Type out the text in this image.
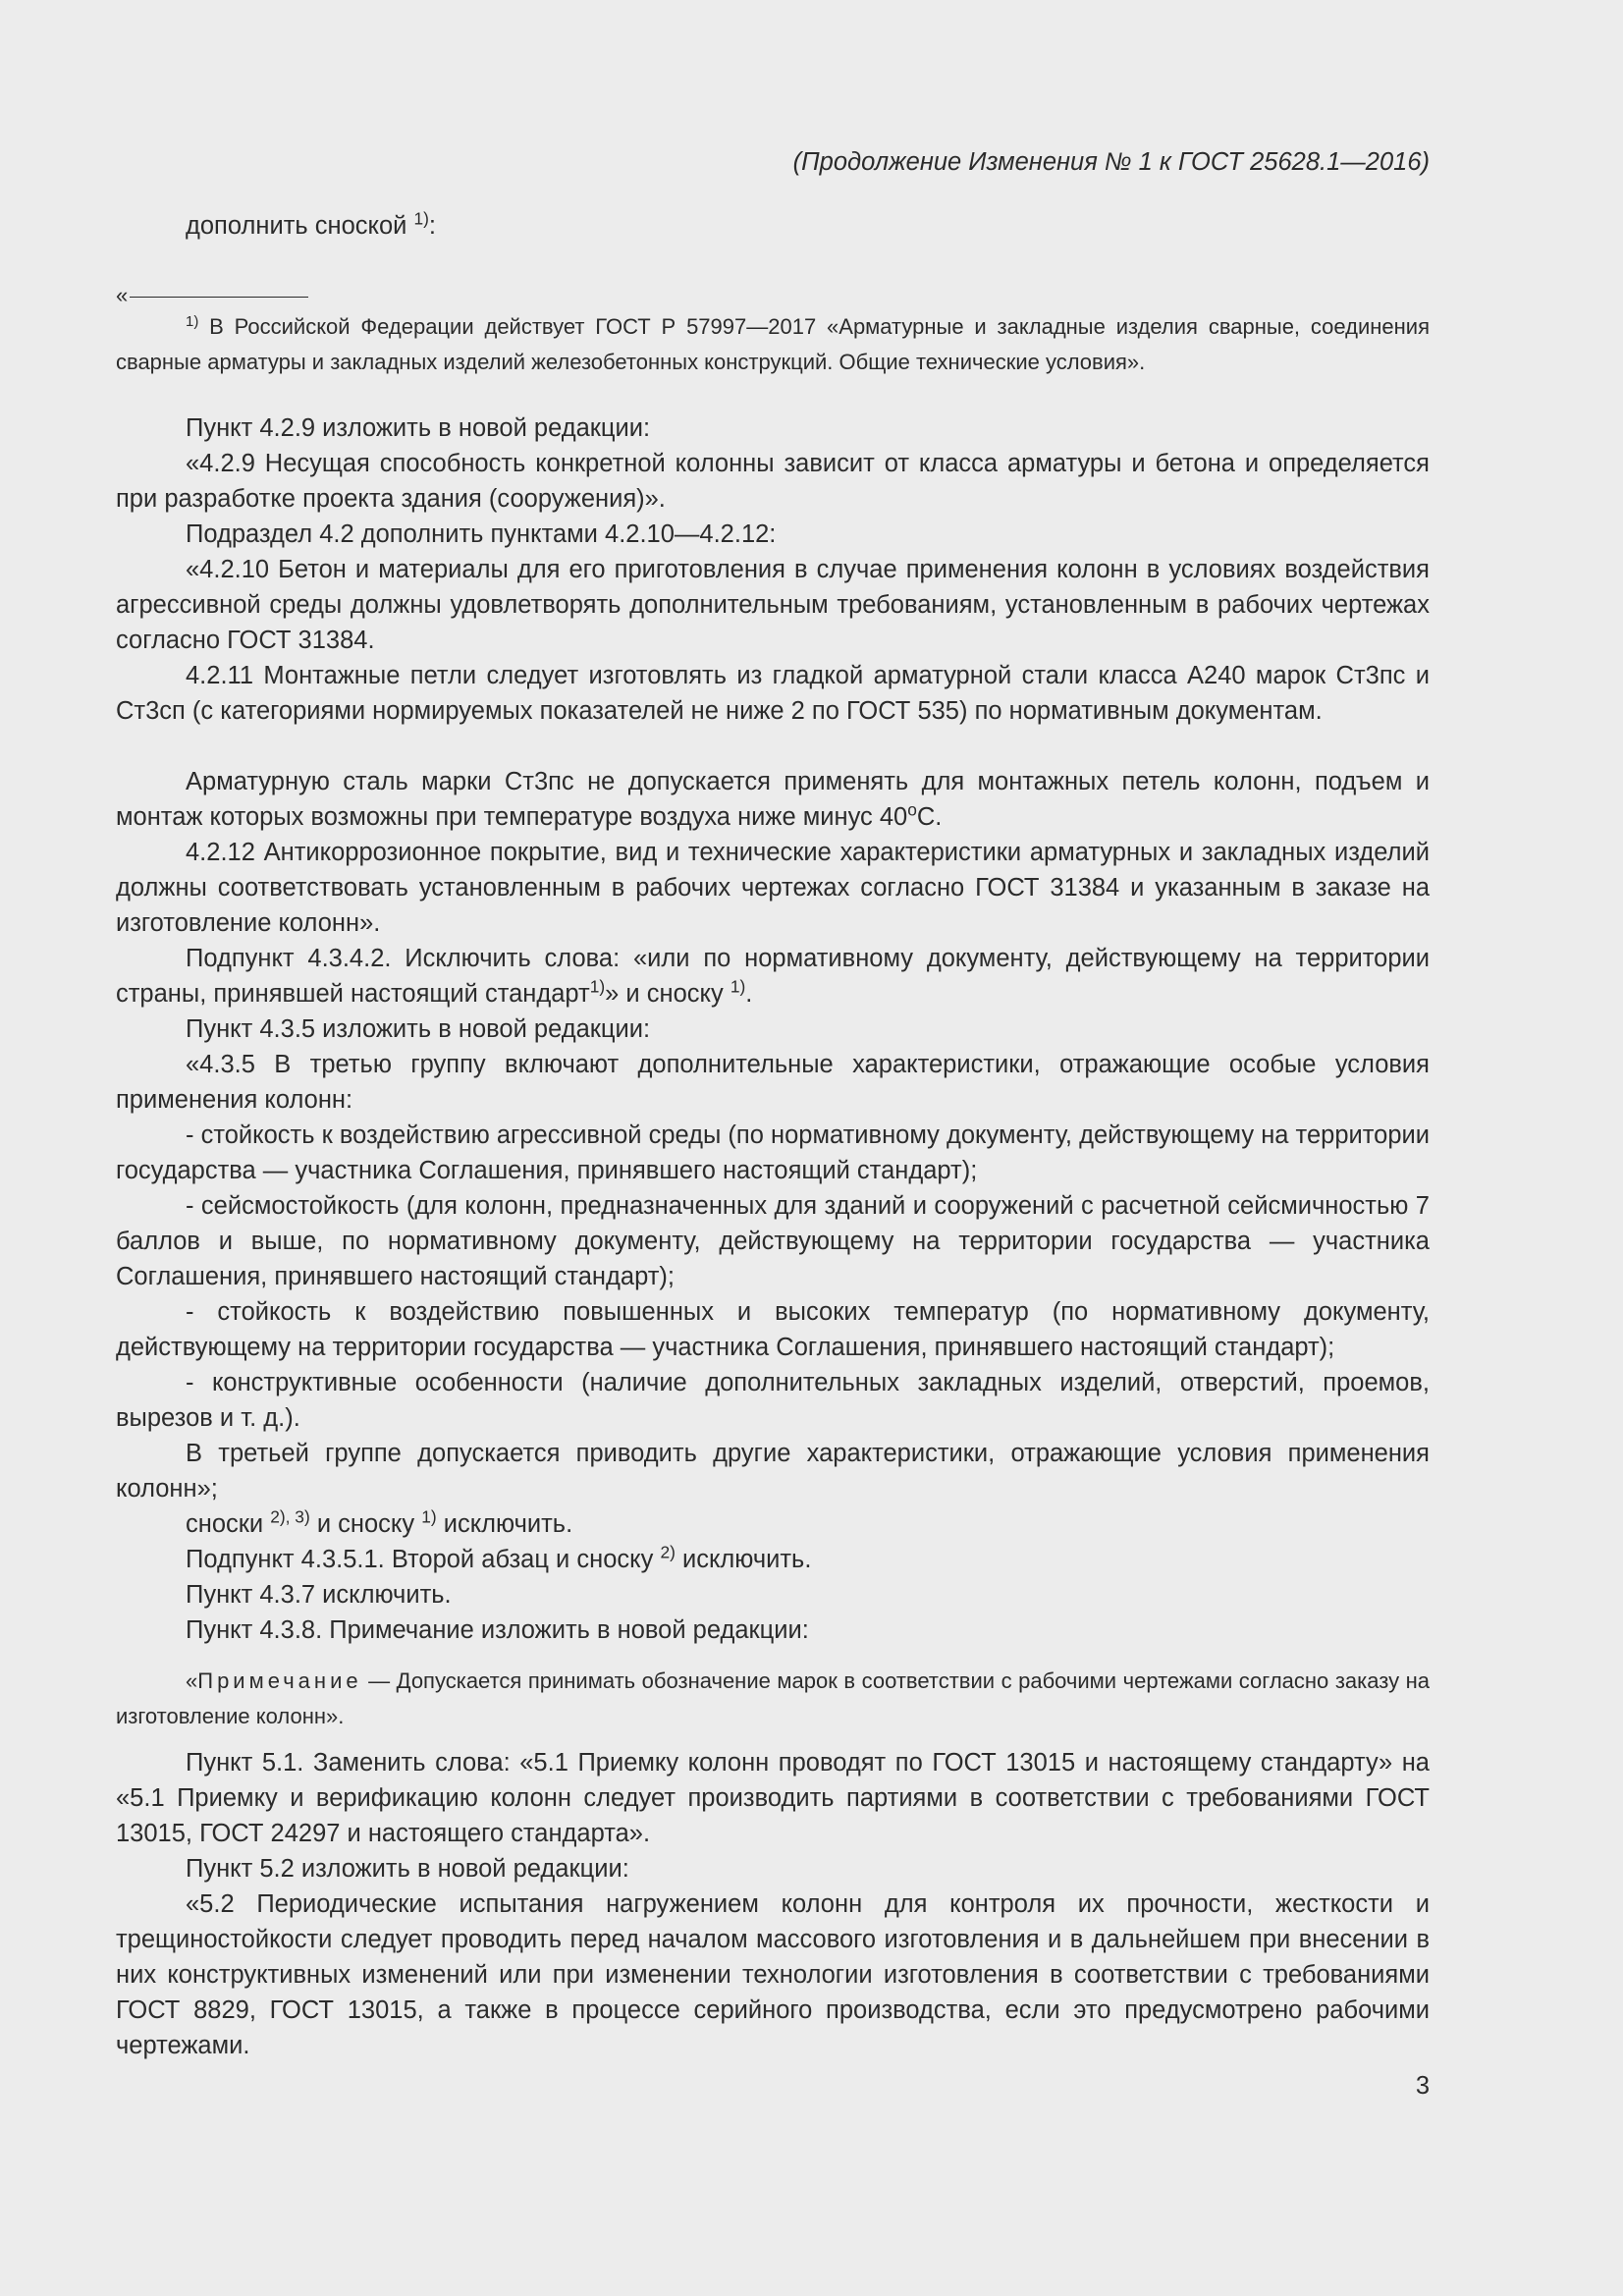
(Продолжение Изменения № 1 к ГОСТ 25628.1—2016)

дополнить сноской $^{1)}$:

«

$^{1)}$ В Российской Федерации действует ГОСТ Р 57997—2017 «Арматурные и закладные изделия сварные, соединения сварные арматуры и закладных изделий железобетонных конструкций. Общие технические условия».

Пункт 4.2.9 изложить в новой редакции:

«4.2.9 Несущая способность конкретной колонны зависит от класса арматуры и бетона и определяется при разработке проекта здания (сооружения)».

Подраздел 4.2 дополнить пунктами 4.2.10—4.2.12:

«4.2.10 Бетон и материалы для его приготовления в случае применения колонн в условиях воздействия агрессивной среды должны удовлетворять дополнительным требованиям, установленным в рабочих чертежах согласно ГОСТ 31384.

4.2.11 Монтажные петли следует изготовлять из гладкой арматурной стали класса А240 марок Ст3пс и Ст3сп (с категориями нормируемых показателей не ниже 2 по ГОСТ 535) по нормативным документам.

Арматурную сталь марки Ст3пс не допускается применять для монтажных петель колонн, подъем и монтаж которых возможны при температуре воздуха ниже минус $40^оС$.

4.2.12 Антикоррозионное покрытие, вид и технические характеристики арматурных и закладных изделий должны соответствовать установленным в рабочих чертежах согласно ГОСТ 31384 и указанным в заказе на изготовление колонн».

Подпункт 4.3.4.2. Исключить слова: «или по нормативному документу, действующему на территории страны, принявшей настоящий стандарт$^{1)}$» и сноску $^{1)}$.

Пункт 4.3.5 изложить в новой редакции:

«4.3.5 В третью группу включают дополнительные характеристики, отражающие особые условия применения колонн:

- стойкость к воздействию агрессивной среды (по нормативному документу, действующему на территории государства — участника Соглашения, принявшего настоящий стандарт);

- сейсмостойкость (для колонн, предназначенных для зданий и сооружений с расчетной сейсмичностью 7 баллов и выше, по нормативному документу, действующему на территории государства — участника Соглашения, принявшего настоящий стандарт);

- стойкость к воздействию повышенных и высоких температур (по нормативному документу, действующему на территории государства — участника Соглашения, принявшего настоящий стандарт);

- конструктивные особенности (наличие дополнительных закладных изделий, отверстий, проемов, вырезов и т. д.).

В третьей группе допускается приводить другие характеристики, отражающие условия применения колонн»;

сноски $^{2), 3)}$ и сноску $^{1)}$ исключить.

Подпункт 4.3.5.1. Второй абзац и сноску $^{2)}$ исключить.

Пункт 4.3.7 исключить.

Пункт 4.3.8. Примечание изложить в новой редакции:

«Примечание — Допускается принимать обозначение марок в соответствии с рабочими чертежами согласно заказу на изготовление колонн».

Пункт 5.1. Заменить слова: «5.1 Приемку колонн проводят по ГОСТ 13015 и настоящему стандарту» на «5.1 Приемку и верификацию колонн следует производить партиями в соответствии с требованиями ГОСТ 13015, ГОСТ 24297 и настоящего стандарта».

Пункт 5.2 изложить в новой редакции:

«5.2 Периодические испытания нагружением колонн для контроля их прочности, жесткости и трещиностойкости следует проводить перед началом массового изготовления и в дальнейшем при внесении в них конструктивных изменений или при изменении технологии изготовления в соответствии с требованиями ГОСТ 8829, ГОСТ 13015, а также в процессе серийного производства, если это предусмотрено рабочими чертежами.

3
